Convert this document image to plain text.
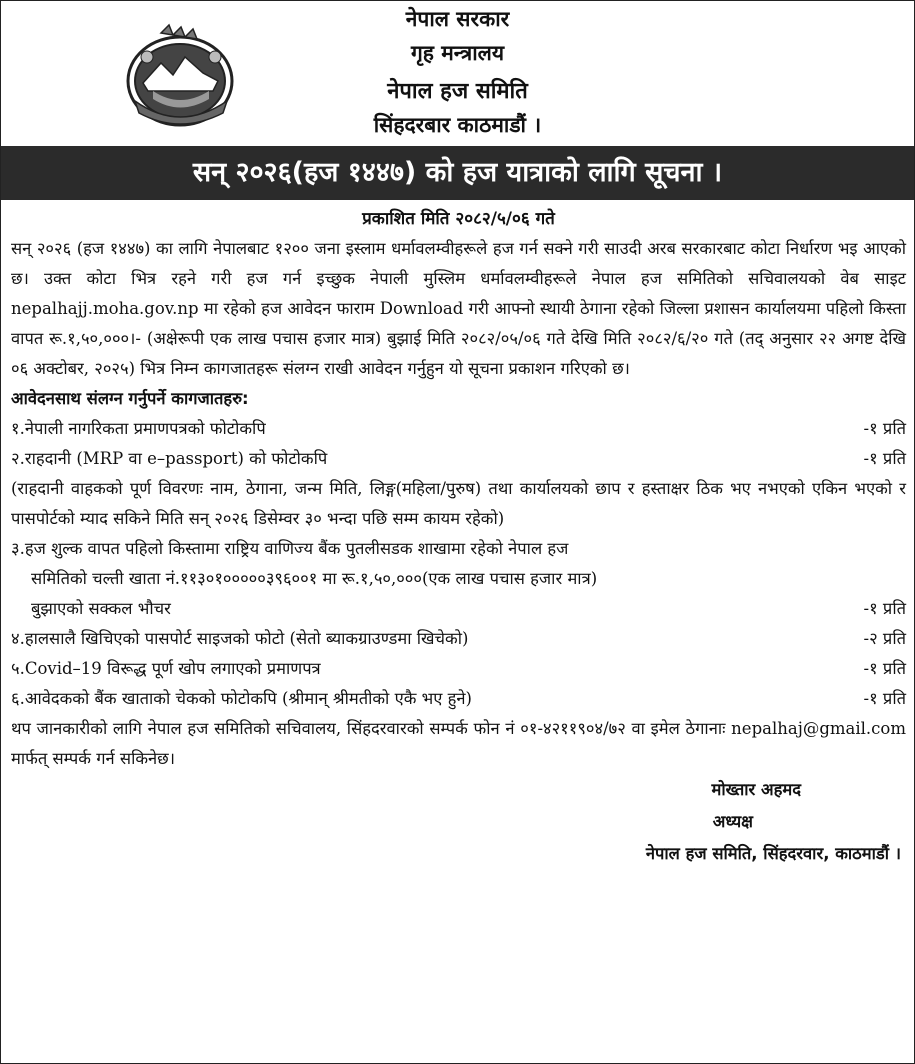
नेपाल सरकार
गृह मन्त्रालय
नेपाल हज समिति
सिंहदरबार काठमाडौं ।
सन् २०२६(हज १४४७) को हज यात्राको लागि सूचना ।
प्रकाशित मिति २०८२/५/०६ गते
सन् २०२६ (हज १४४७) का लागि नेपालबाट १२०० जना इस्लाम धर्मावलम्वीहरूले हज गर्न सक्ने गरी साउदी अरब सरकारबाट कोटा निर्धारण भइ आएको छ। उक्त कोटा भित्र रहने गरी हज गर्न इच्छुक नेपाली मुस्लिम धर्मावलम्वीहरूले नेपाल हज समितिको सचिवालयको वेब साइट nepalhajj.moha.gov.np मा रहेको हज आवेदन फाराम Download गरी आफ्नो स्थायी ठेगाना रहेको जिल्ला प्रशासन कार्यालयमा पहिलो किस्ता वापत रू.१,५०,०००।- (अक्षेरूपी एक लाख पचास हजार मात्र) बुझाई मिति २०८२/०५/०६ गते देखि मिति २०८२/६/२० गते (तद् अनुसार २२ अगष्ट देखि ०६ अक्टोबर, २०२५) भित्र निम्न कागजातहरू संलग्न राखी आवेदन गर्नुहुन यो सूचना प्रकाशन गरिएको छ।
आवेदनसाथ संलग्न गर्नुपर्ने कागजातहरु:
१.नेपाली नागरिकता प्रमाणपत्रको फोटोकपि	-१ प्रति
२.राहदानी (MRP वा e–passport) को फोटोकपि	-१ प्रति
(राहदानी वाहकको पूर्ण विवरणः नाम, ठेगाना, जन्म मिति, लिङ्ग(महिला/पुरुष) तथा कार्यालयको छाप र हस्ताक्षर ठिक भए नभएको एकिन भएको र पासपोर्टको म्याद सकिने मिति सन् २०२६ डिसेम्वर ३० भन्दा पछि सम्म कायम रहेको)
३.हज शुल्क वापत पहिलो किस्तामा राष्ट्रिय वाणिज्य बैंक पुतलीसडक शाखामा रहेको नेपाल हज
समितिको चल्ती खाता नं.११३०१०००००३९६००१ मा रू.१,५०,०००(एक लाख पचास हजार मात्र)
बुझाएको सक्कल भौचर	-१ प्रति
४.हालसालै खिचिएको पासपोर्ट साइजको फोटो (सेतो ब्याकग्राउण्डमा खिचेको)	-२ प्रति
५.Covid–19 विरूद्ध पूर्ण खोप लगाएको प्रमाणपत्र	-१ प्रति
६.आवेदकको बैंक खाताको चेकको फोटोकपि (श्रीमान् श्रीमतीको एकै भए हुने)	-१ प्रति
थप जानकारीको लागि नेपाल हज समितिको सचिवालय, सिंहदरवारको सम्पर्क फोन नं ०१-४२११९०४/७२ वा इमेल ठेगानाः nepalhaj@gmail.com मार्फत् सम्पर्क गर्न सकिनेछ।
मोख्तार अहमद
अध्यक्ष
नेपाल हज समिति, सिंहदरवार, काठमाडौं ।
